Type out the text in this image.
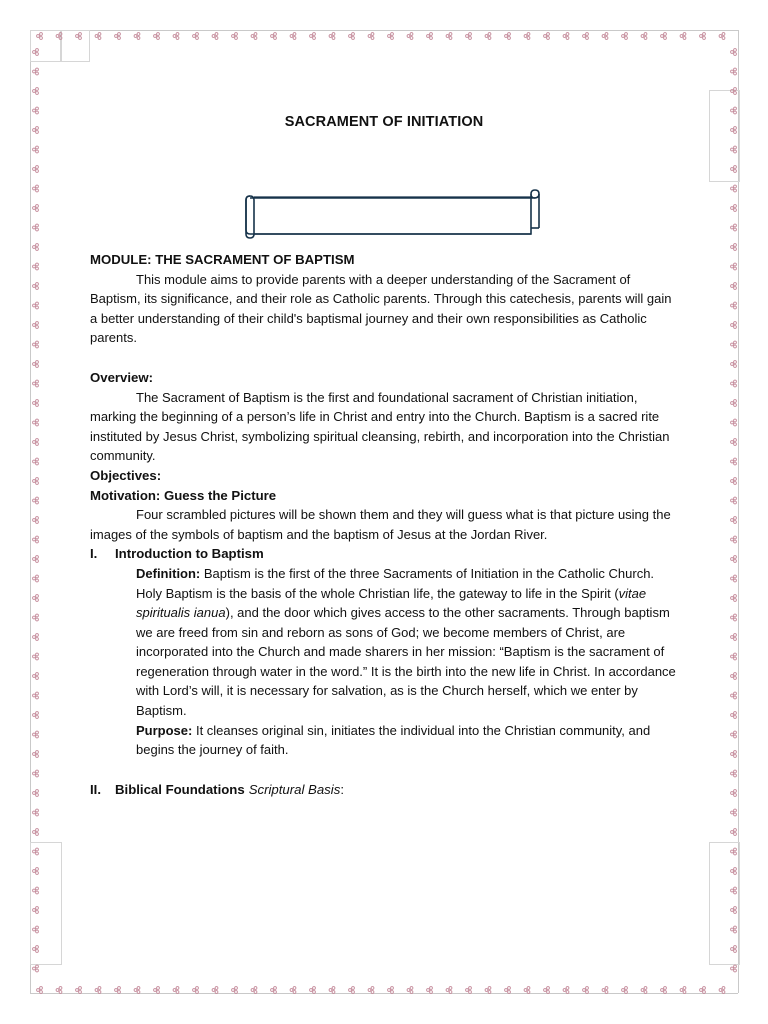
SACRAMENT OF INITIATION
MODULE: THE SACRAMENT OF BAPTISM

This module aims to provide parents with a deeper understanding of the Sacrament of Baptism, its significance, and their role as Catholic parents. Through this catechesis, parents will gain a better understanding of their child's baptismal journey and their own responsibilities as Catholic parents.

Overview:

The Sacrament of Baptism is the first and foundational sacrament of Christian initiation, marking the beginning of a person’s life in Christ and entry into the Church. Baptism is a sacred rite instituted by Jesus Christ, symbolizing spiritual cleansing, rebirth, and incorporation into the Christian community.

Objectives:
Motivation: Guess the Picture

Four scrambled pictures will be shown them and they will guess what is that picture using the images of the symbols of baptism and the baptism of Jesus at the Jordan River.

I.	Introduction to Baptism

Definition: Baptism is the first of the three Sacraments of Initiation in the Catholic Church. Holy Baptism is the basis of the whole Christian life, the gateway to life in the Spirit (vitae spiritualis ianua), and the door which gives access to the other sacraments. Through baptism we are freed from sin and reborn as sons of God; we become members of Christ, are incorporated into the Church and made sharers in her mission: “Baptism is the sacrament of regeneration through water in the word.” It is the birth into the new life in Christ. In accordance with Lord’s will, it is necessary for salvation, as is the Church herself, which we enter by Baptism.

Purpose: It cleanses original sin, initiates the individual into the Christian community, and begins the journey of faith.

II.	Biblical Foundations Scriptural Basis :
